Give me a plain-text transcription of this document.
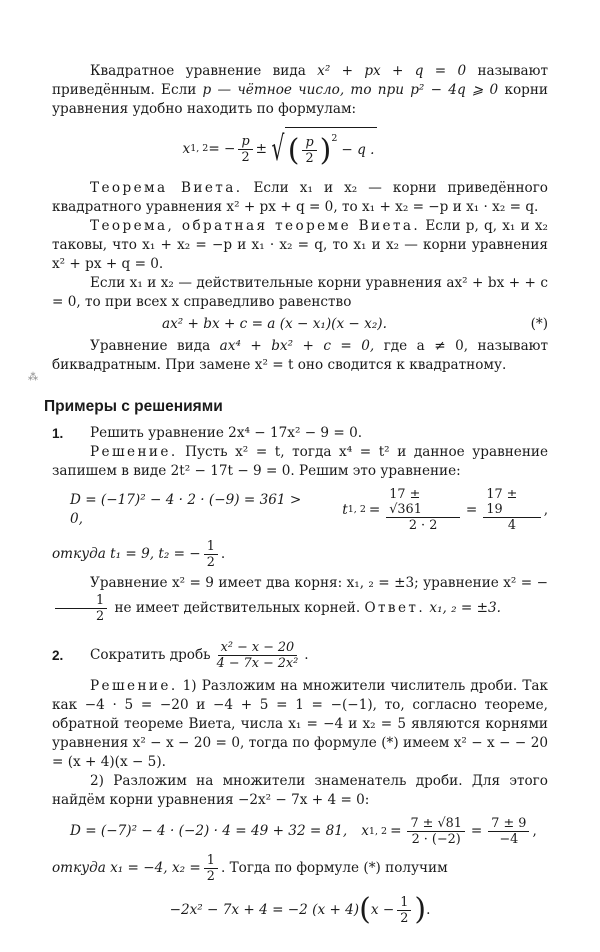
⁂

Квадратное уравнение вида x² + px + q = 0 называют приведённым. Если p — чётное число, то при p² − 4q ⩾ 0 корни уравнения удобно находить по формулам:

x 1, 2 = − $\frac{p}{2}$ ± √ ( $\frac{p}{2} )^2$
− q .

Теорема Виета. Если x₁ и x₂ — корни приведённого квадратного уравнения x² + px + q = 0, то x₁ + x₂ = −p и x₁ · x₂ = q.

Теорема, обратная теореме Виета. Если p, q, x₁ и x₂ таковы, что x₁ + x₂ = −p и x₁ · x₂ = q, то x₁ и x₂ — корни уравнения x² + px + q = 0.

Если x₁ и x₂ — действительные корни уравнения ax² + bx + + c = 0, то при всех x справедливо равенство

ax² + bx + c = a (x − x₁)(x − x₂).	(*)

Уравнение вида ax⁴ + bx² + c = 0, где a ≠ 0, называют биквадратным. При замене x² = t оно сводится к квадратному.

Примеры с решениями
1.	Решить уравнение 2x⁴ − 17x² − 9 = 0.

Решение. Пусть x² = t, тогда x⁴ = t² и данное уравнение запишем в виде 2t² − 17t − 9 = 0. Решим это уравнение:

D = (−17)² − 4 · 2 · (−9) = 361 > 0,
t 1, $2 = \frac{17 \pm √361}{2 \cdot 2} = \frac{17 \pm 19}{4}$ ,

откуда t₁ = 9, t₂ = − $\frac{1}{2}$ .

Уравнение x² = 9 имеет два корня: x₁, ₂ = ±3; уравнение x² = −
$\frac{1}{2}$ не имеет действительных корней. Ответ. x₁, ₂ = ±3.

2.	Сократить дробь $\frac{\text{x² − x − 20}}{\text{4 − 7x − 2x²}}$ .

Решение. 1) Разложим на множители числитель дроби. Так как −4 · 5 = −20 и −4 + 5 = 1 = −(−1), то, согласно теореме, обратной теореме Виета, числа x₁ = −4 и x₂ = 5 являются корнями уравнения x² − x − 20 = 0, тогда по формуле (*) имеем x² − x − − 20 = (x + 4)(x − 5).

2) Разложим на множители знаменатель дроби. Для этого найдём корни уравнения −2x² − 7x + 4 = 0:

D = (−7)² − 4 · (−2) · 4 = 49 + 32 = 81, x 1, $2 = \frac{7 \pm √81}{2 \cdot (-2)} = \frac{7 \pm 9}{-4}$ ,

откуда x₁ = −4, $x_2 = \frac{1}{2}$ . Тогда по формуле (*) получим

−2x² − 7x + 4 = −2 (x + 4) ( $x - \frac{1}{2}$ ) .
